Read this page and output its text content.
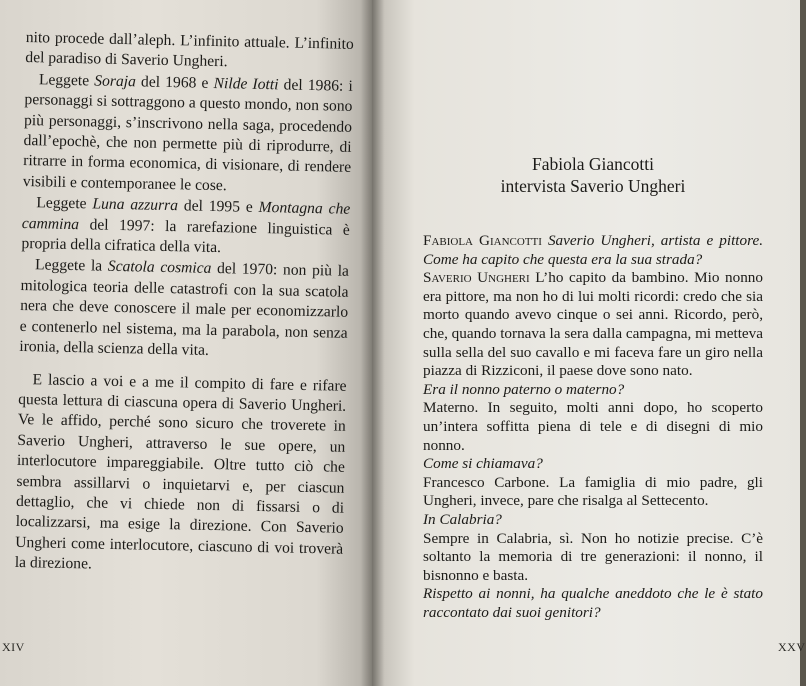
nito procede dall’aleph. L’infinito attuale. L’infinito del paradiso di Saverio Ungheri.

Leggete Soraja del 1968 e Nilde Iotti del 1986: i personaggi si sottraggono a questo mondo, non sono più personaggi, s’inscrivono nella saga, procedendo dall’epochè, che non permette più di riprodurre, di ritrarre in forma economica, di visionare, di rendere visibili e contemporanee le cose.

Leggete Luna azzurra del 1995 e Montagna che cammina del 1997: la rarefazione linguistica è propria della cifratica della vita.

Leggete la Scatola cosmica del 1970: non più la mitologica teoria delle catastrofi con la sua scatola nera che deve conoscere il male per economizzarlo e contenerlo nel sistema, ma la parabola, non senza ironia, della scienza della vita.

E lascio a voi e a me il compito di fare e rifare questa lettura di ciascuna opera di Saverio Ungheri. Ve le affido, perché sono sicuro che troverete in Saverio Ungheri, attraverso le sue opere, un interlocutore impareggiabile. Oltre tutto ciò che sembra assillarvi o inquietarvi e, per ciascun dettaglio, che vi chiede non di fissarsi o di localizzarsi, ma esige la direzione. Con Saverio Ungheri come interlocutore, ciascuno di voi troverà la direzione.

XIV
Fabiola Giancotti
intervista Saverio Ungheri

Fabiola Giancotti Saverio Ungheri, artista e pittore. Come ha capito che questa era la sua strada?

Saverio Ungheri L’ho capito da bambino. Mio nonno era pittore, ma non ho di lui molti ricordi: credo che sia morto quando avevo cinque o sei anni. Ricordo, però, che, quando tornava la sera dalla campagna, mi metteva sulla sella del suo cavallo e mi faceva fare un giro nella piazza di Rizziconi, il paese dove sono nato.

Era il nonno paterno o materno?

Materno. In seguito, molti anni dopo, ho scoperto un’intera soffitta piena di tele e di disegni di mio nonno.

Come si chiamava?

Francesco Carbone. La famiglia di mio padre, gli Ungheri, invece, pare che risalga al Settecento.

In Calabria?

Sempre in Calabria, sì. Non ho notizie precise. C’è soltanto la memoria di tre generazioni: il nonno, il bisnonno e basta.

Rispetto ai nonni, ha qualche aneddoto che le è stato raccontato dai suoi genitori?

XXV
